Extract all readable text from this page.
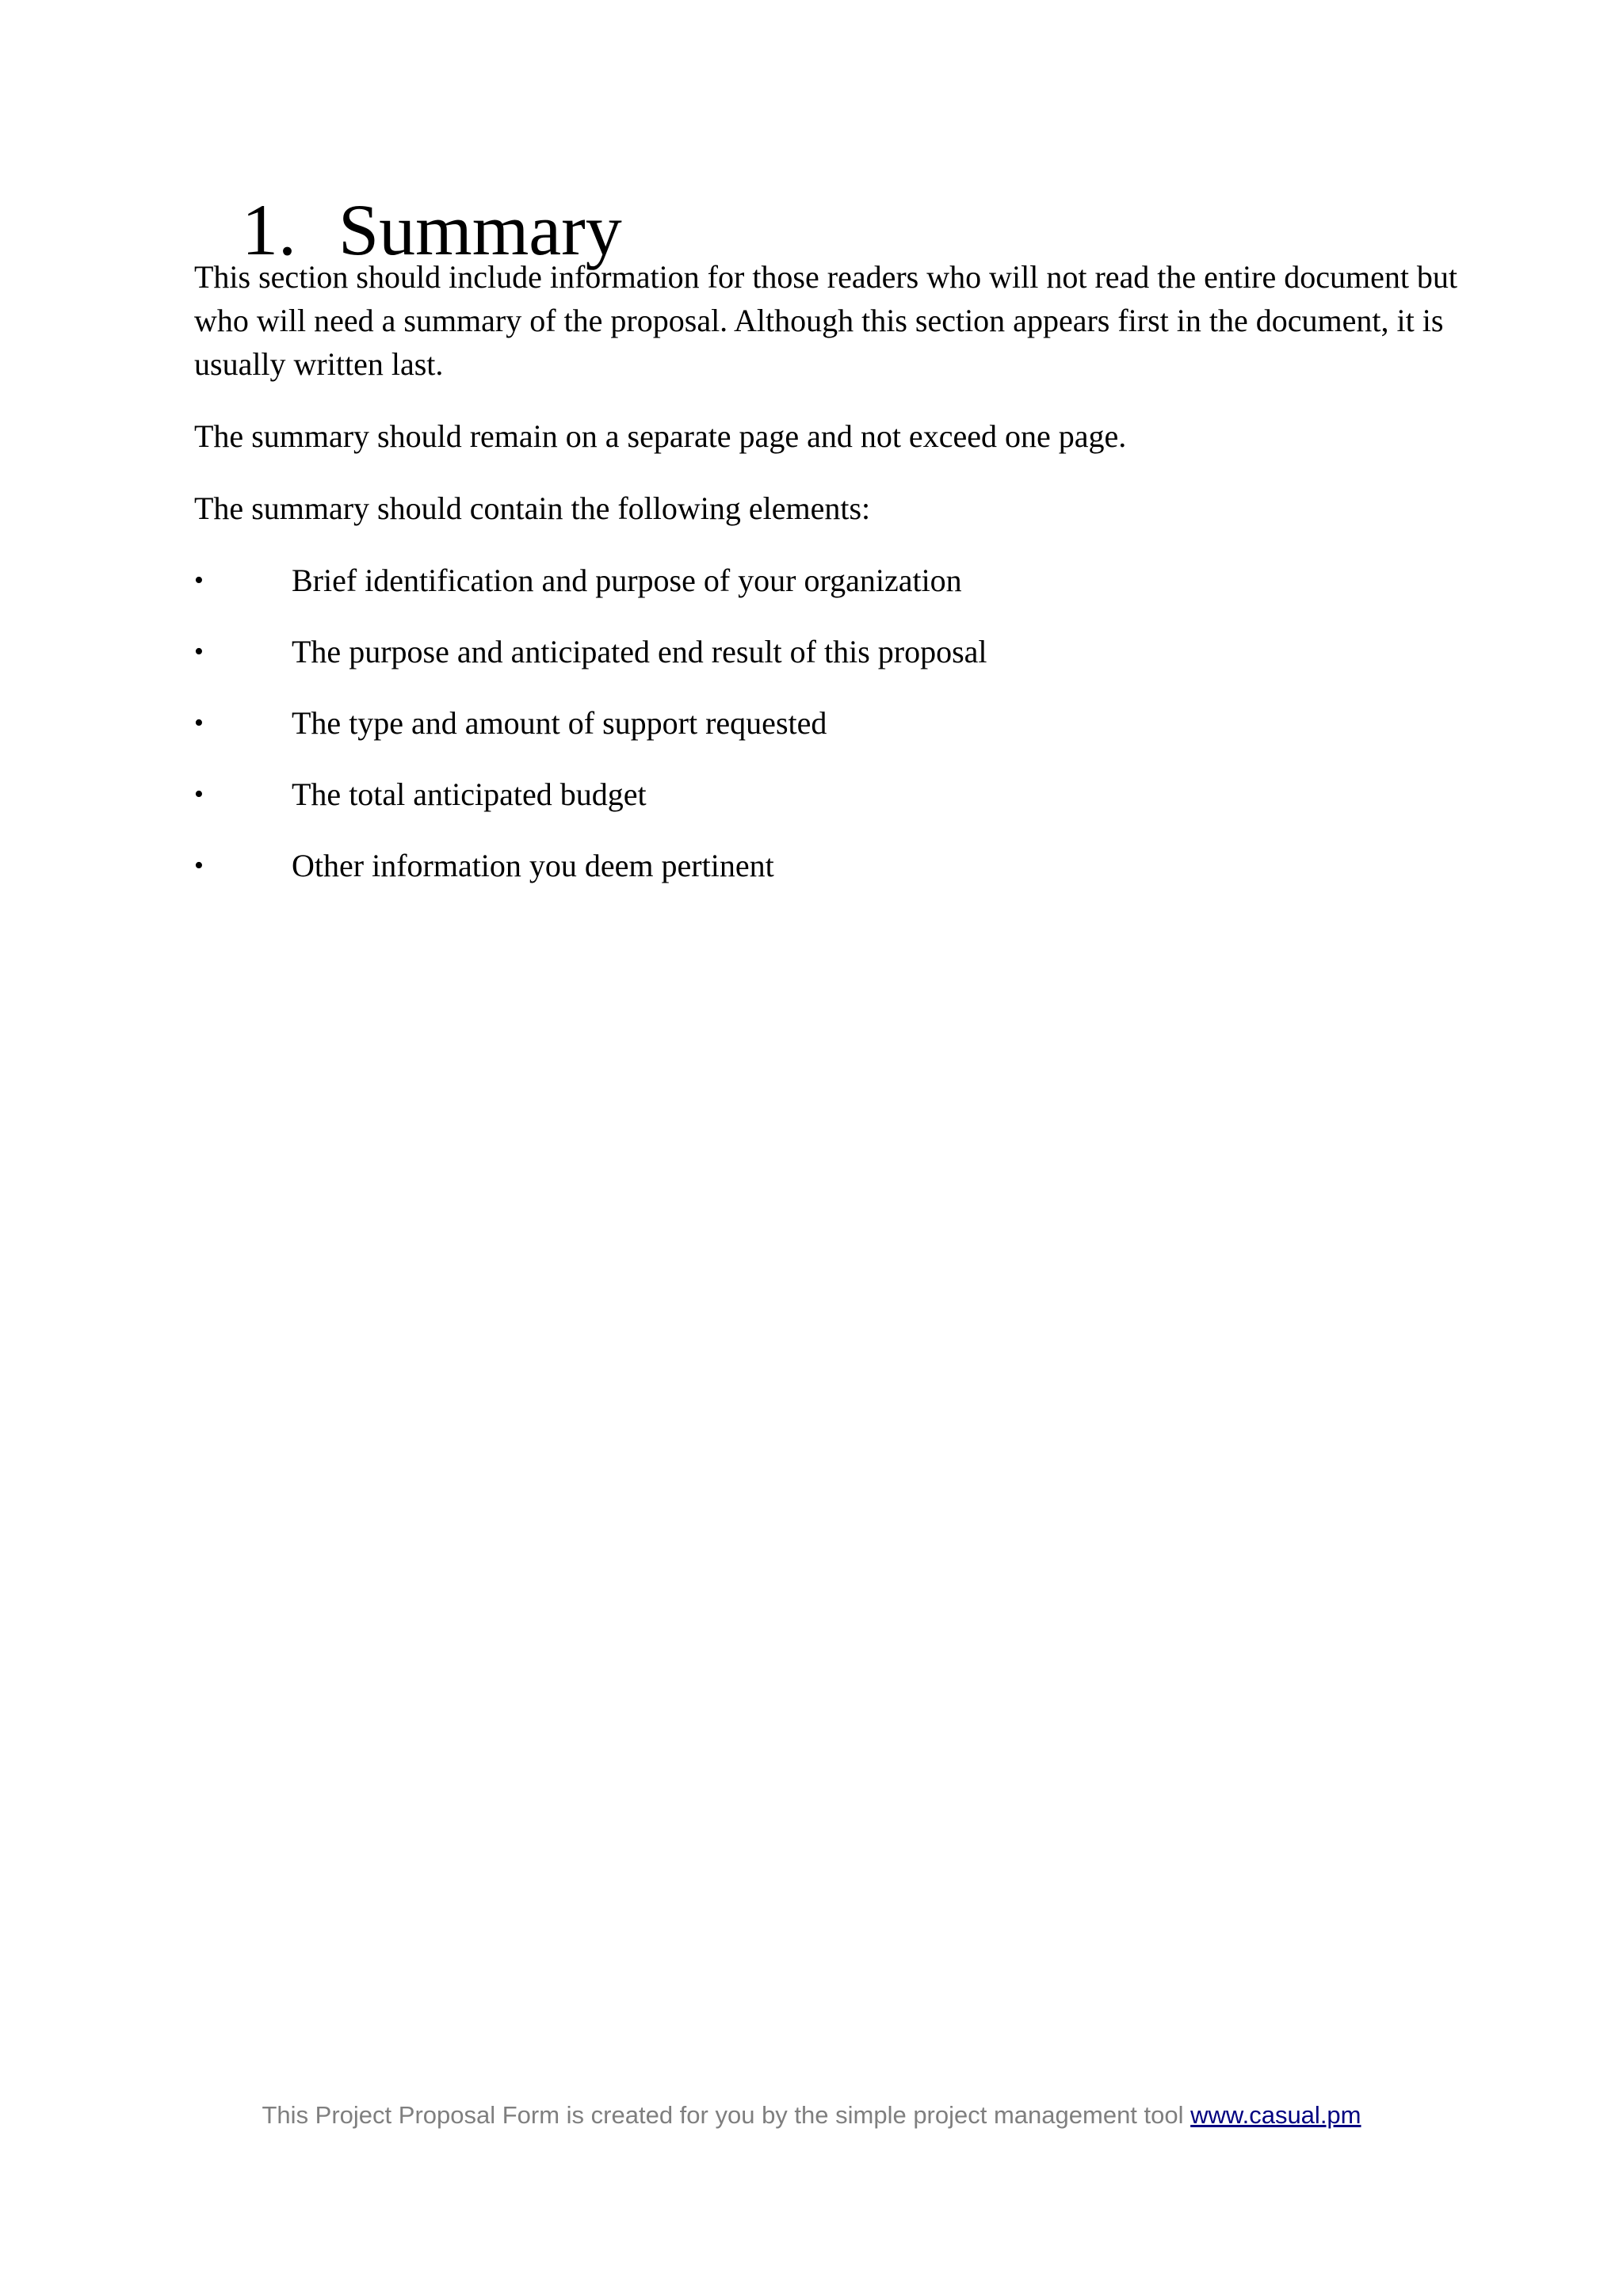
1. Summary

This section should include information for those readers who will not read the entire document but who will need a summary of the proposal. Although this section appears first in the document, it is usually written last.

The summary should remain on a separate page and not exceed one page.

The summary should contain the following elements:

•	Brief identification and purpose of your organization
•	The purpose and anticipated end result of this proposal
•	The type and amount of support requested
•	The total anticipated budget
•	Other information you deem pertinent
This Project Proposal Form is created for you by the simple project management tool www.casual.pm
